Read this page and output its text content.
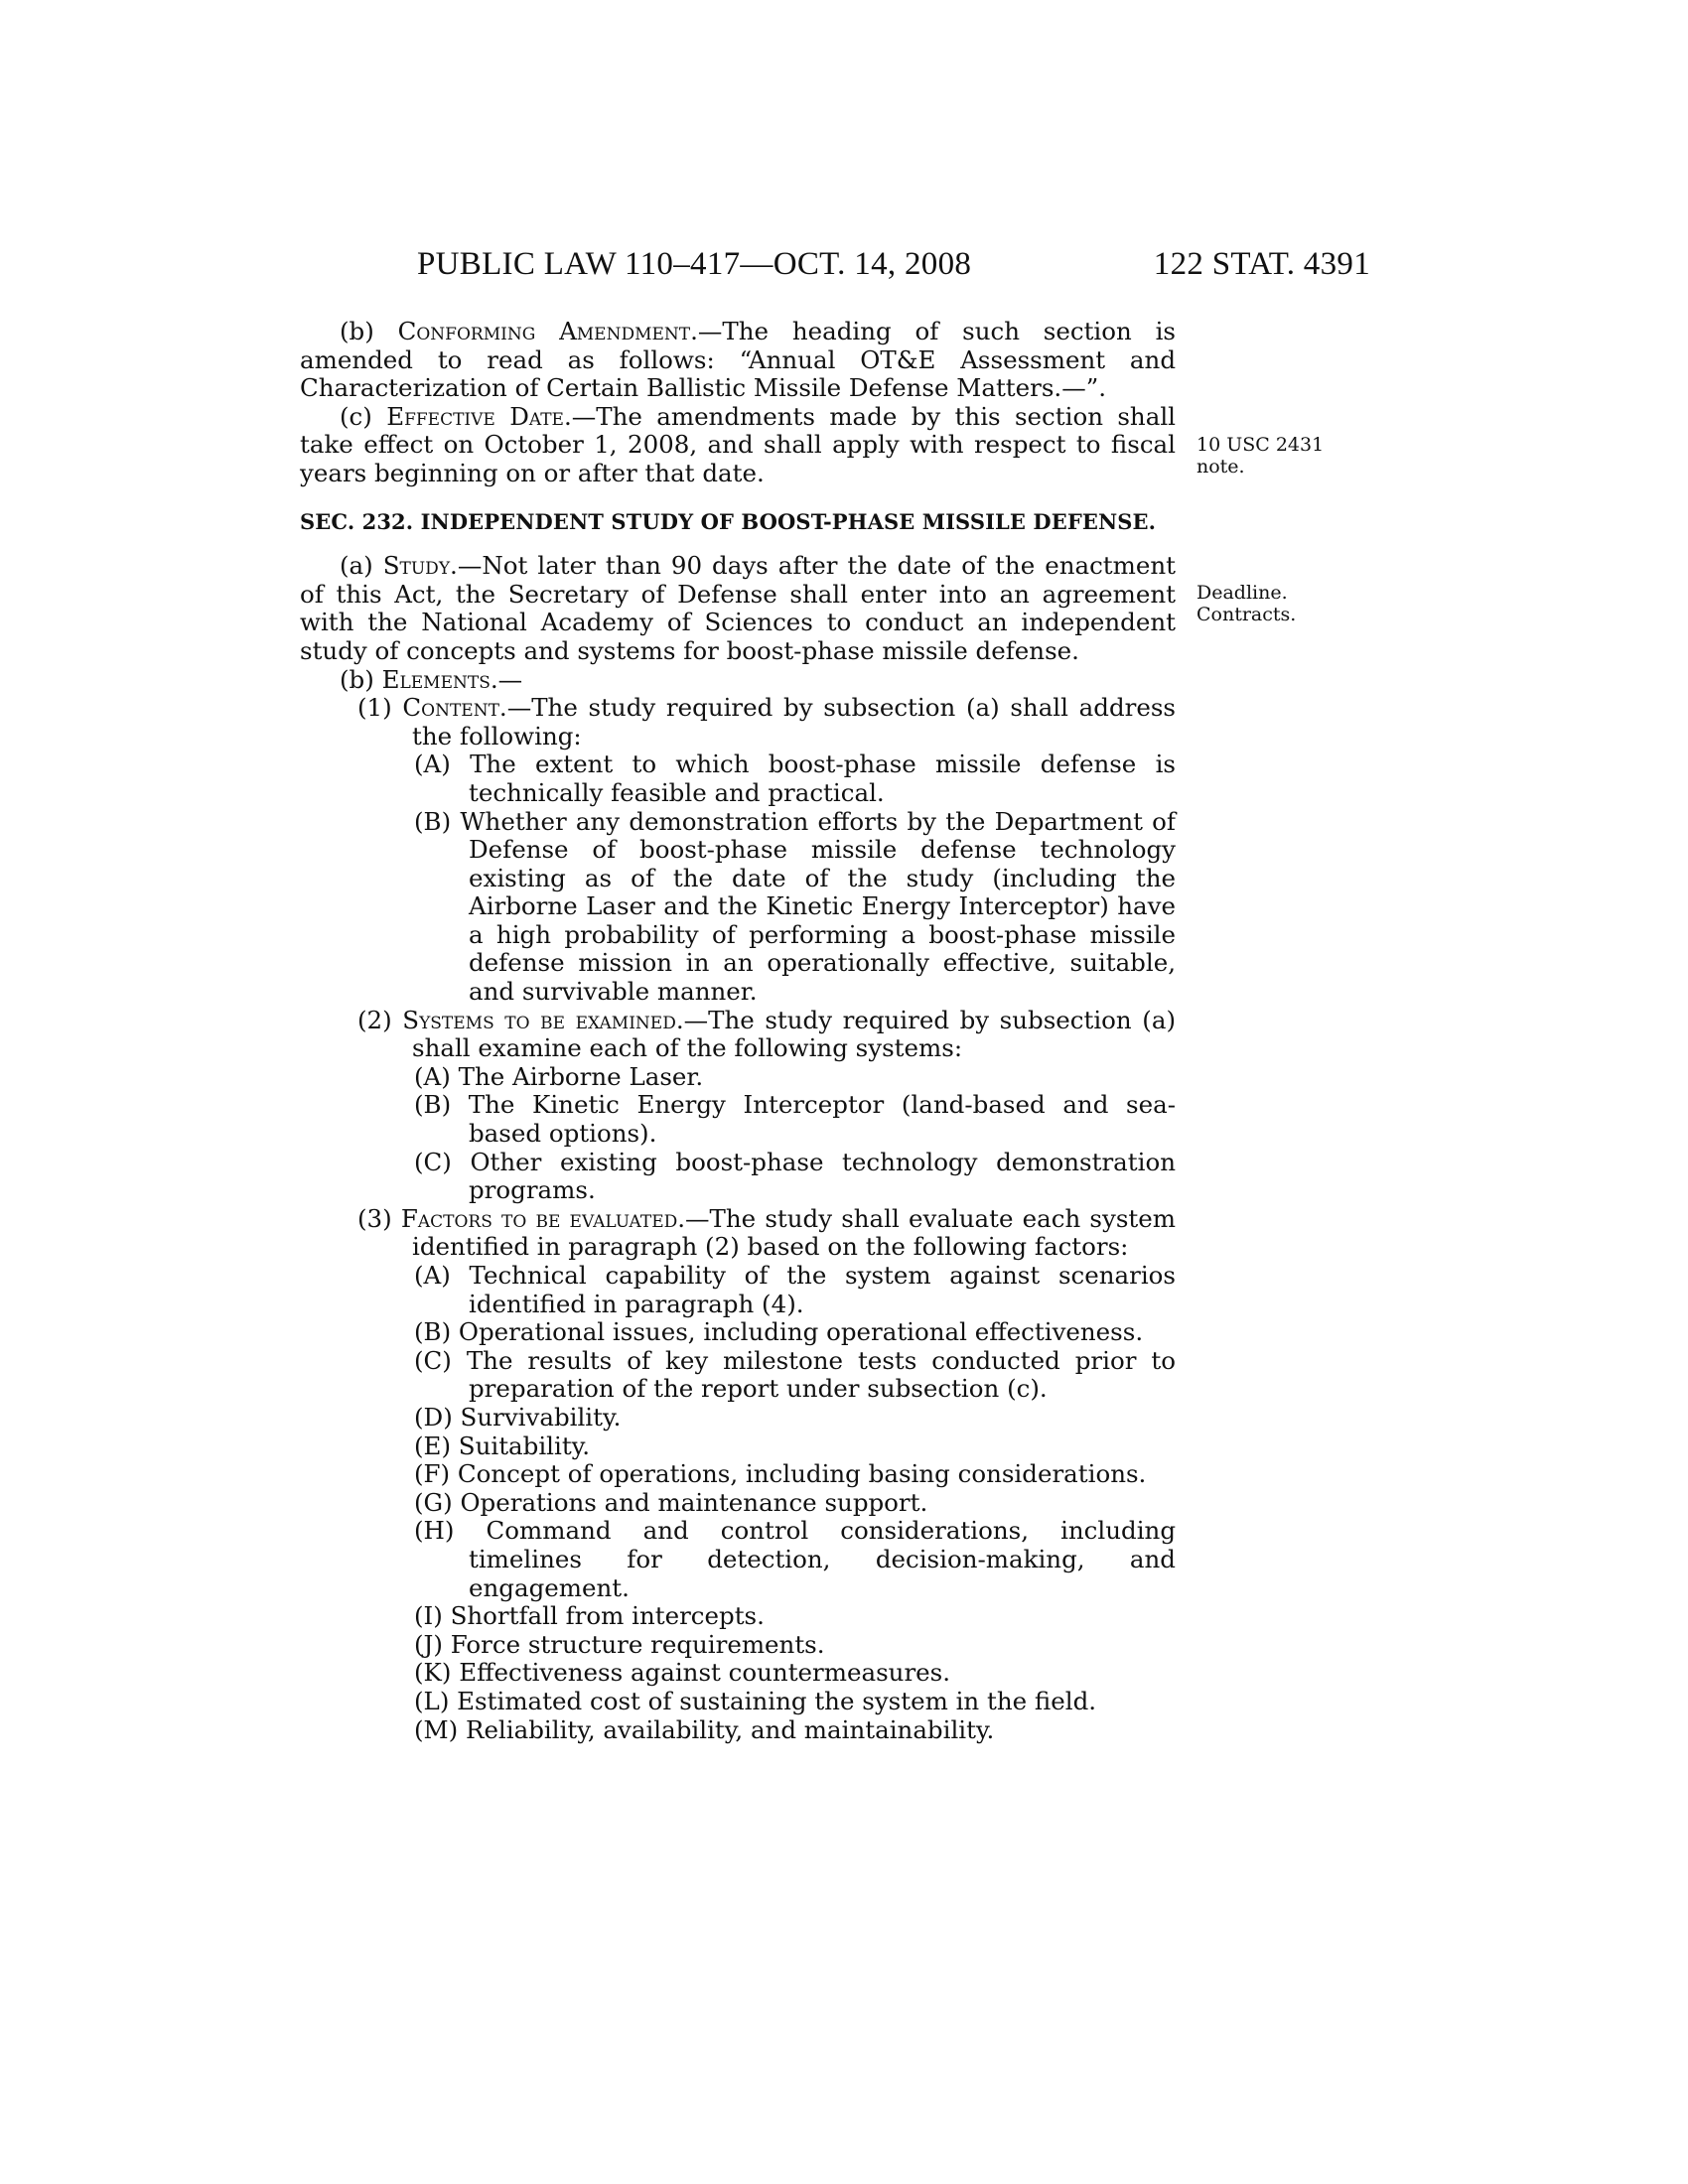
PUBLIC LAW 110–417—OCT. 14, 2008	122 STAT. 4391
10 USC 2431
note.
Deadline.
Contracts.

(b) Conforming Amendment.—The heading of such section is amended to read as follows: “Annual OT&E Assessment and Characterization of Certain Ballistic Missile Defense Matters.—”.

(c) Effective Date.—The amendments made by this section shall take effect on October 1, 2008, and shall apply with respect to fiscal years beginning on or after that date.

SEC. 232. INDEPENDENT STUDY OF BOOST-PHASE MISSILE DEFENSE.

(a) Study.—Not later than 90 days after the date of the enactment of this Act, the Secretary of Defense shall enter into an agreement with the National Academy of Sciences to conduct an independent study of concepts and systems for boost-phase missile defense.

(b) Elements.—

(1) Content.—The study required by subsection (a) shall address the following:

(A) The extent to which boost-phase missile defense is technically feasible and practical.

(B) Whether any demonstration efforts by the Department of Defense of boost-phase missile defense technology existing as of the date of the study (including the Airborne Laser and the Kinetic Energy Interceptor) have a high probability of performing a boost-phase missile defense mission in an operationally effective, suitable, and survivable manner.

(2) Systems to be examined.—The study required by subsection (a) shall examine each of the following systems:

(A) The Airborne Laser.

(B) The Kinetic Energy Interceptor (land-based and sea-based options).

(C) Other existing boost-phase technology demonstration programs.

(3) Factors to be evaluated.—The study shall evaluate each system identified in paragraph (2) based on the following factors:

(A) Technical capability of the system against scenarios identified in paragraph (4).

(B) Operational issues, including operational effectiveness.

(C) The results of key milestone tests conducted prior to preparation of the report under subsection (c).

(D) Survivability.

(E) Suitability.

(F) Concept of operations, including basing considerations.

(G) Operations and maintenance support.

(H) Command and control considerations, including timelines for detection, decision-making, and engagement.

(I) Shortfall from intercepts.

(J) Force structure requirements.

(K) Effectiveness against countermeasures.

(L) Estimated cost of sustaining the system in the field.

(M) Reliability, availability, and maintainability.
